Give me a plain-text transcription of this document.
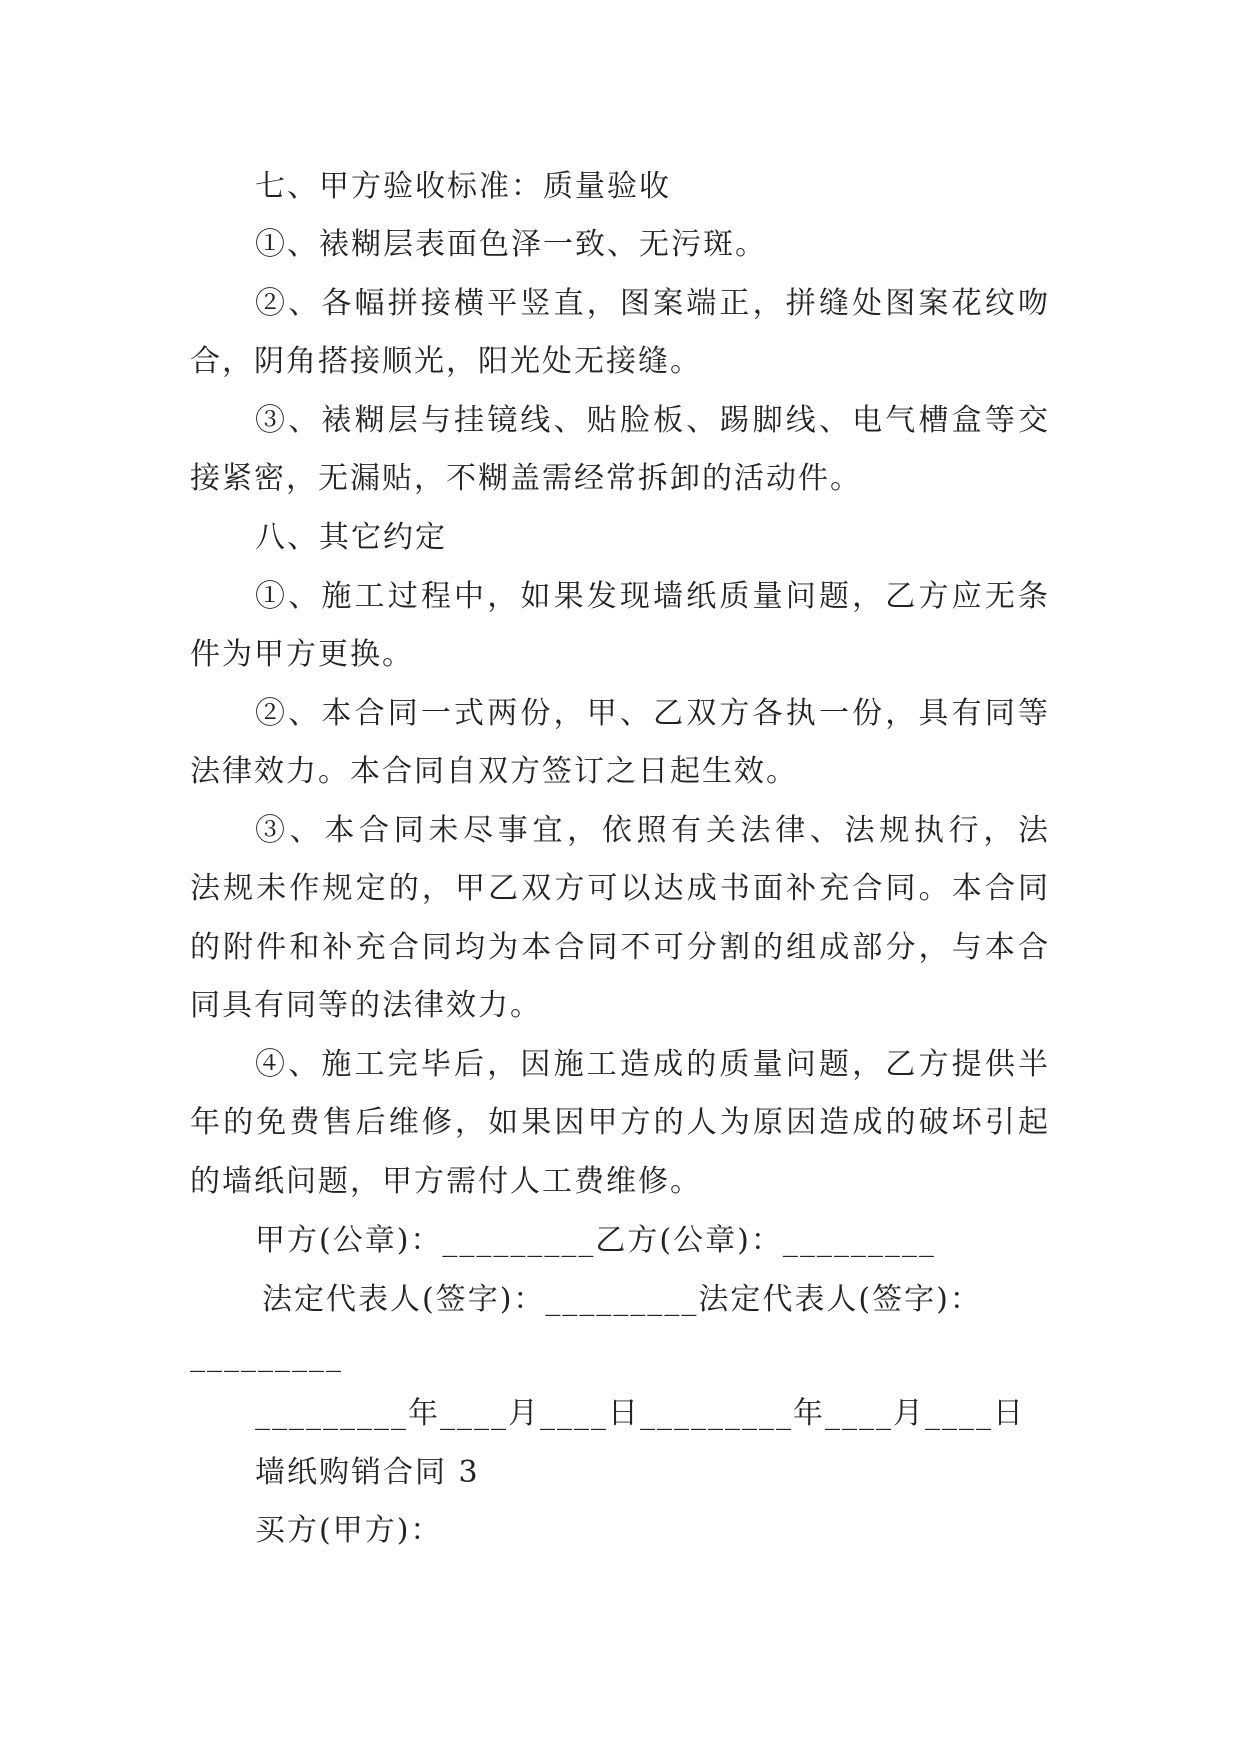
七、甲方验收标准：质量验收
①、裱糊层表面色泽一致、无污斑。
②、各幅拼接横平竖直，图案端正，拼缝处图案花纹吻
合，阴角搭接顺光，阳光处无接缝。
③、裱糊层与挂镜线、贴脸板、踢脚线、电气槽盒等交
接紧密，无漏贴，不糊盖需经常拆卸的活动件。
八、其它约定
①、施工过程中，如果发现墙纸质量问题，乙方应无条
件为甲方更换。
②、本合同一式两份，甲、乙双方各执一份，具有同等
法律效力。本合同自双方签订之日起生效。
③、本合同未尽事宜，依照有关法律、法规执行，法
法规未作规定的，甲乙双方可以达成书面补充合同。本合同
的附件和补充合同均为本合同不可分割的组成部分，与本合
同具有同等的法律效力。
④、施工完毕后，因施工造成的质量问题，乙方提供半
年的免费售后维修，如果因甲方的人为原因造成的破坏引起
的墙纸问题，甲方需付人工费维修。
甲方(公章)：_________乙方(公章)：_________
法定代表人(签字)：_________法定代表人(签字)：
_________
_________年____月____日_________年____月____日
墙纸购销合同 3
买方(甲方)：
